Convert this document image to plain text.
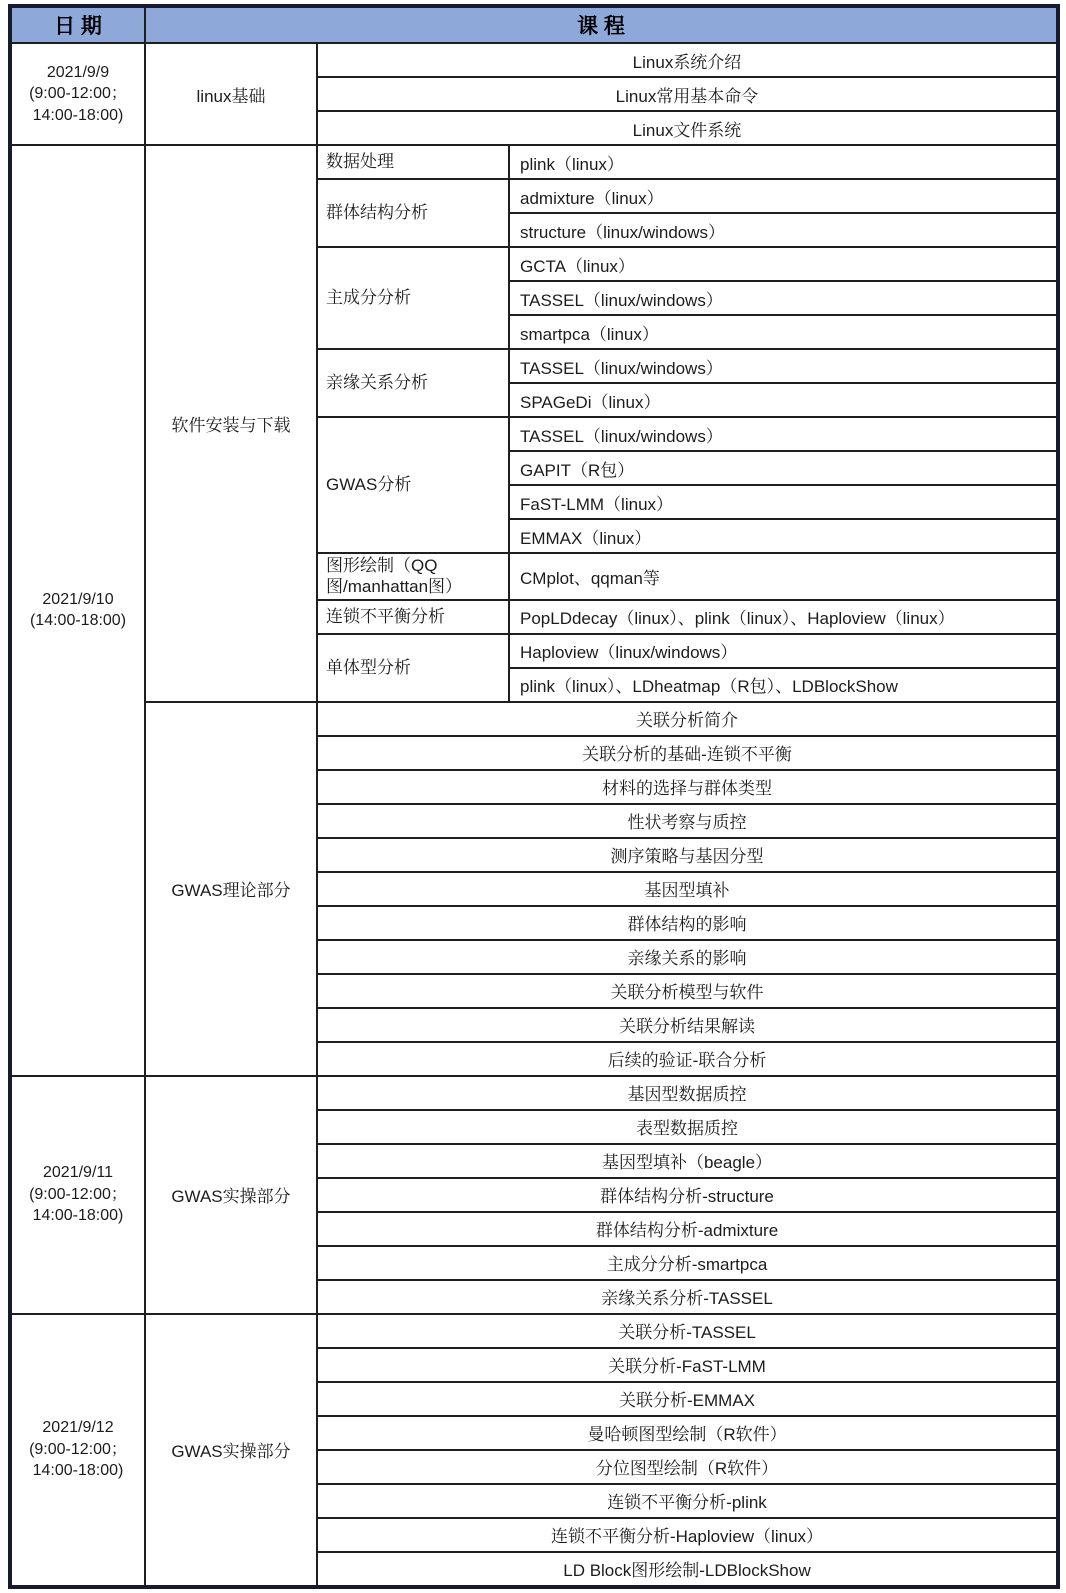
日 期	课 程		

2021/9/9
(9:00-12:00；
14:00-18:00)	linux基础	Linux系统介绍	
		Linux常用基本命令	
		Linux文件系统	

2021/9/10
(14:00-18:00)	软件安装与下载	数据处理	plink（linux）
		群体结构分析	admixture（linux）
			structure（linux/windows）
		主成分分析	GCTA（linux）
			TASSEL（linux/windows）
			smartpca（linux）
		亲缘关系分析	TASSEL（linux/windows）
			SPAGeDi（linux）
		GWAS分析	TASSEL（linux/windows）
			GAPIT（R包）
			FaST-LMM（linux）
			EMMAX（linux）
		图形绘制（QQ图/manhattan图）	CMplot、qqman等
		连锁不平衡分析	PopLDdecay（linux）、plink（linux）、Haploview（linux）
		单体型分析	Haploview（linux/windows）
			plink（linux）、LDheatmap（R包）、LDBlockShow
	GWAS理论部分	关联分析简介	
		关联分析的基础-连锁不平衡	
		材料的选择与群体类型	
		性状考察与质控	
		测序策略与基因分型	
		基因型填补	
		群体结构的影响	
		亲缘关系的影响	
		关联分析模型与软件	
		关联分析结果解读	
		后续的验证-联合分析	

2021/9/11
(9:00-12:00；
14:00-18:00)	GWAS实操部分	基因型数据质控	
		表型数据质控	
		基因型填补（beagle）	
		群体结构分析-structure	
		群体结构分析-admixture	
		主成分分析-smartpca	
		亲缘关系分析-TASSEL	

2021/9/12
(9:00-12:00；
14:00-18:00)	GWAS实操部分	关联分析-TASSEL	
		关联分析-FaST-LMM	
		关联分析-EMMAX	
		曼哈顿图型绘制（R软件）	
		分位图型绘制（R软件）	
		连锁不平衡分析-plink	
		连锁不平衡分析-Haploview（linux）	
		LD Block图形绘制-LDBlockShow	
